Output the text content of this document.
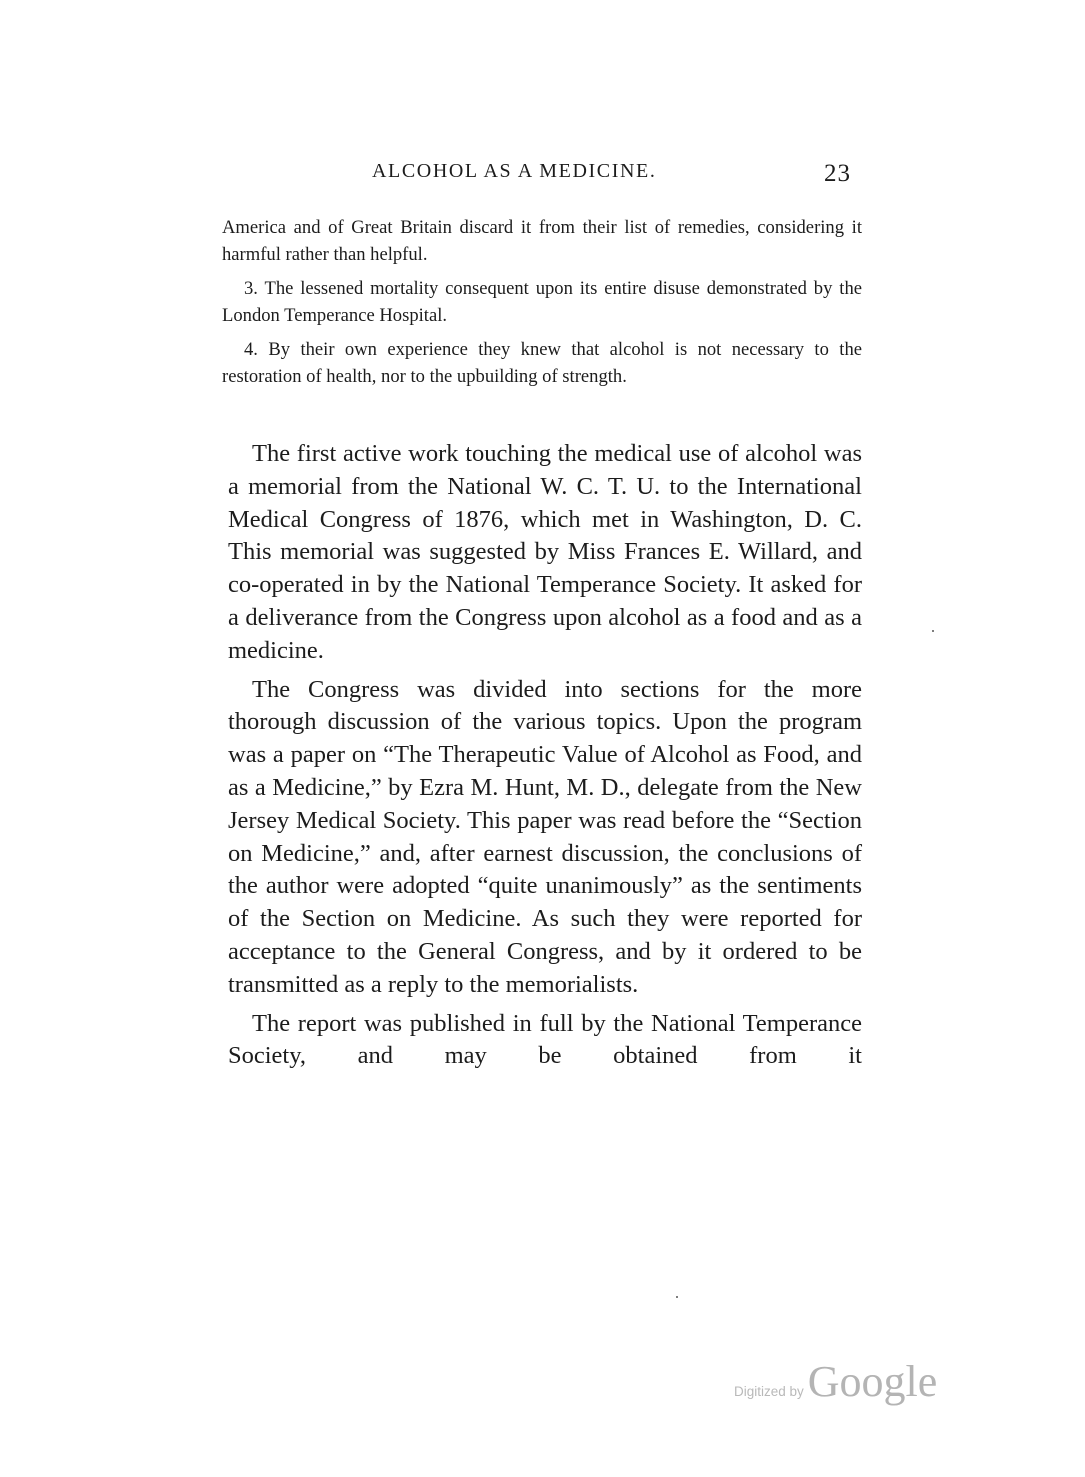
ALCOHOL AS A MEDICINE.	23

America and of Great Britain discard it from their list of remedies, considering it harmful rather than helpful.

3. The lessened mortality consequent upon its entire disuse demonstrated by the London Temperance Hospital.

4. By their own experience they knew that alcohol is not necessary to the restoration of health, nor to the upbuilding of strength.

The first active work touching the medical use of alcohol was a memorial from the National W. C. T. U. to the International Medical Congress of 1876, which met in Washington, D. C. This memorial was suggested by Miss Frances E. Willard, and co-operated in by the National Temperance Society. It asked for a deliverance from the Congress upon alcohol as a food and as a medicine.

The Congress was divided into sections for the more thorough discussion of the various topics. Upon the program was a paper on “The Therapeutic Value of Alcohol as Food, and as a Medicine,” by Ezra M. Hunt, M. D., delegate from the New Jersey Medical Society. This paper was read before the “Section on Medicine,” and, after earnest discussion, the conclusions of the author were adopted “quite unanimously” as the sentiments of the Section on Medicine. As such they were reported for acceptance to the General Congress, and by it ordered to be transmitted as a reply to the memorialists.

The report was published in full by the National Temperance Society, and may be obtained from it

Digitized by Google
